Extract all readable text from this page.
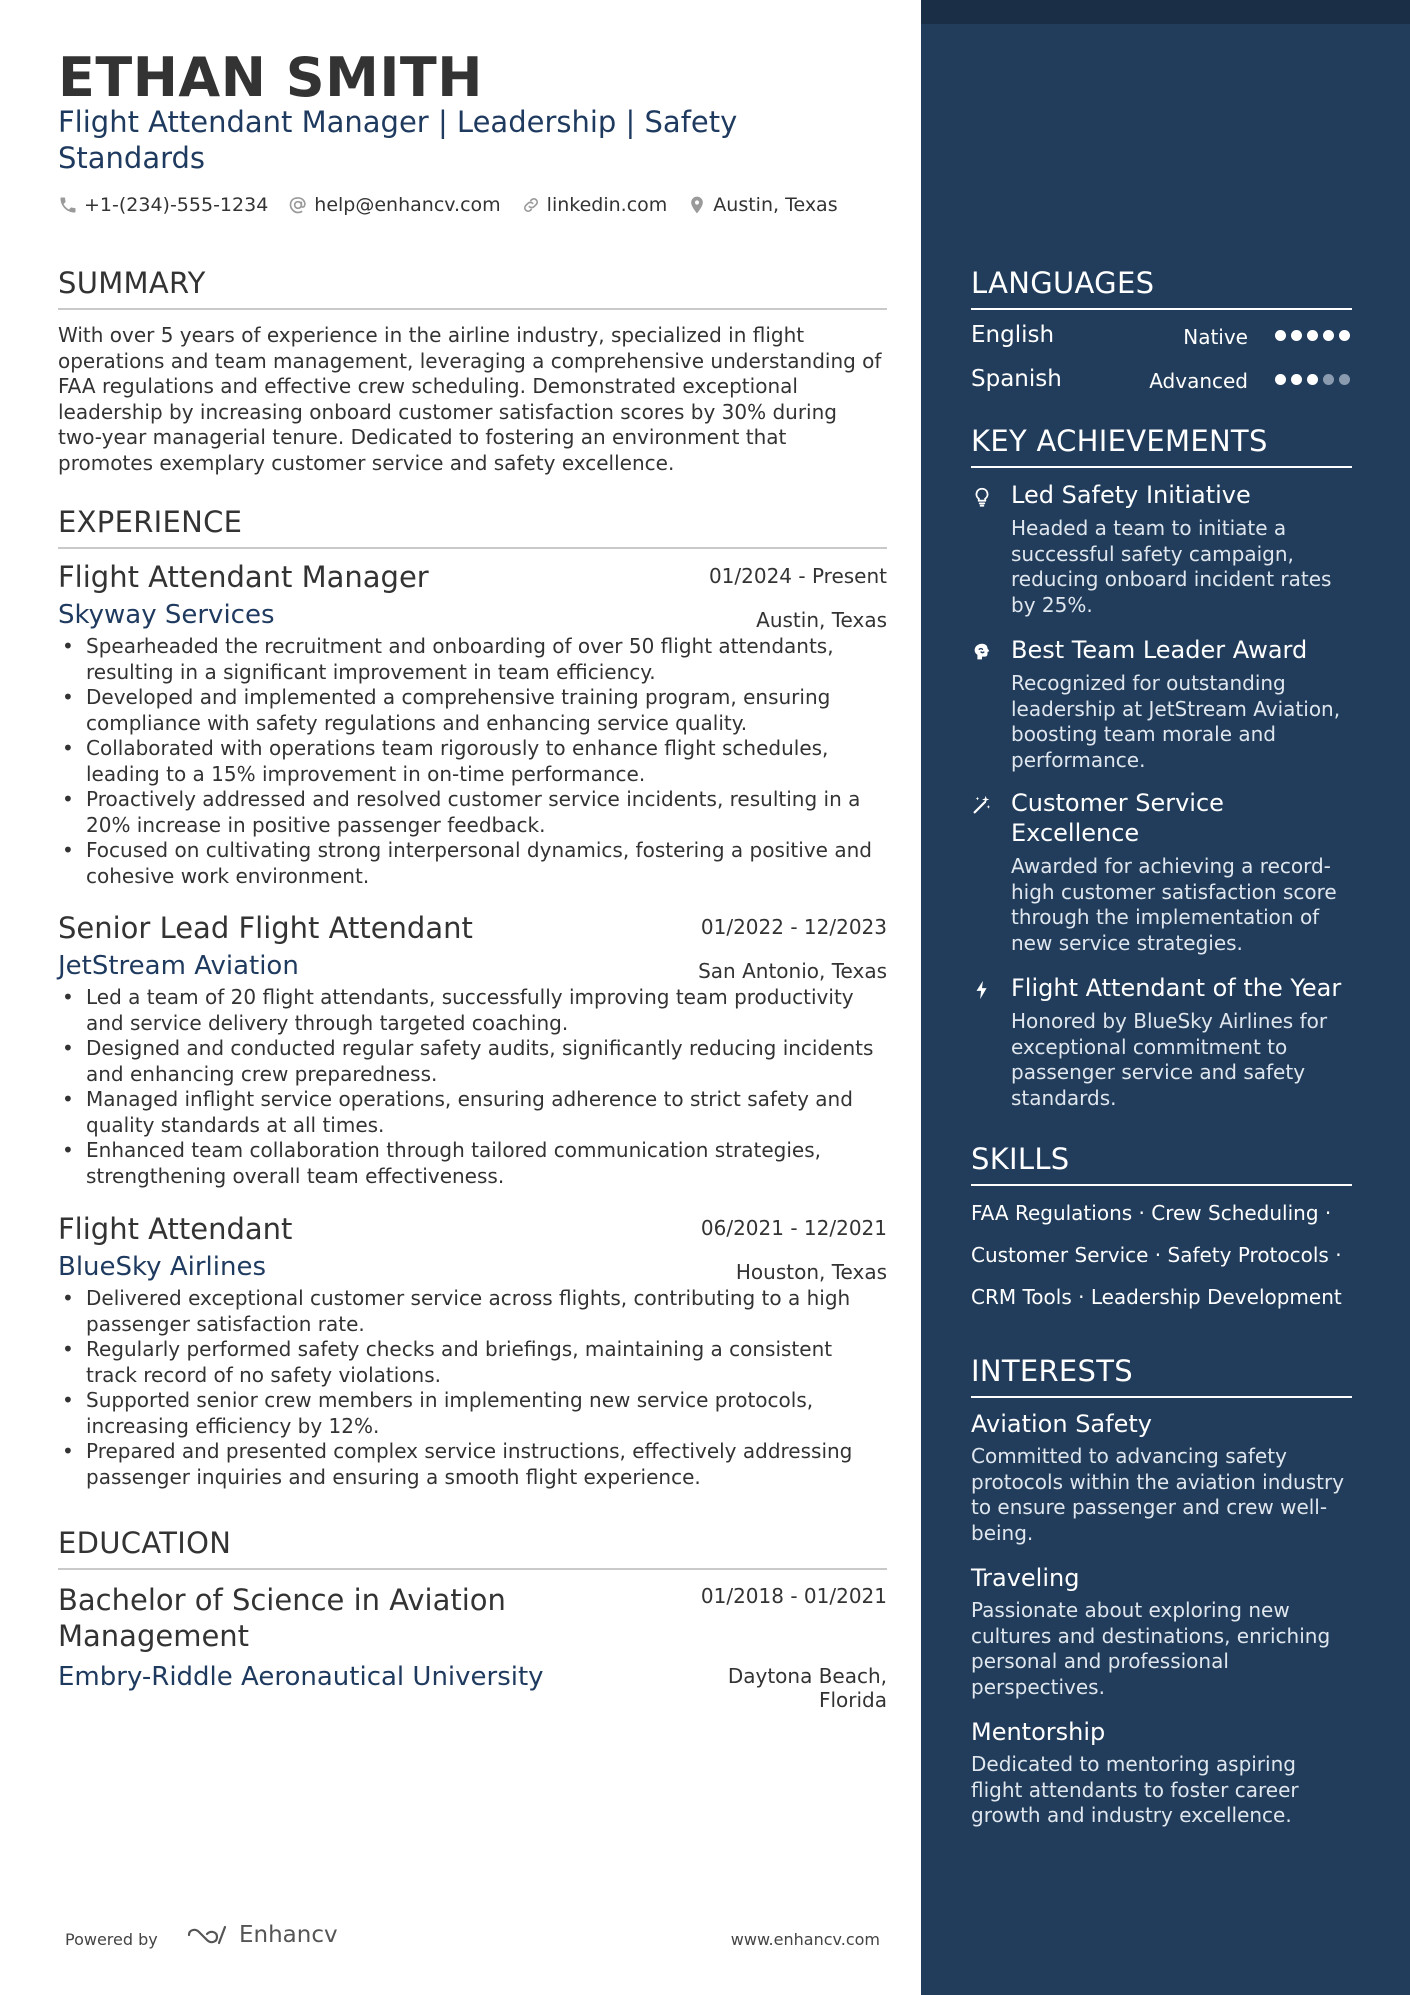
ETHAN SMITH
Flight Attendant Manager | Leadership | Safety Standards
+1-(234)-555-1234 help@enhancv.com linkedin.com Austin, Texas
SUMMARY
With over 5 years of experience in the airline industry, specialized in flight operations and team management, leveraging a comprehensive understanding of FAA regulations and effective crew scheduling. Demonstrated exceptional leadership by increasing onboard customer satisfaction scores by 30% during two-year managerial tenure. Dedicated to fostering an environment that promotes exemplary customer service and safety excellence.
EXPERIENCE
Flight Attendant Manager	01/2024 - Present
Skyway Services	Austin, Texas
• Spearheaded the recruitment and onboarding of over 50 flight attendants, resulting in a significant improvement in team efficiency.
• Developed and implemented a comprehensive training program, ensuring compliance with safety regulations and enhancing service quality.
• Collaborated with operations team rigorously to enhance flight schedules, leading to a 15% improvement in on-time performance.
• Proactively addressed and resolved customer service incidents, resulting in a 20% increase in positive passenger feedback.
• Focused on cultivating strong interpersonal dynamics, fostering a positive and cohesive work environment.
Senior Lead Flight Attendant	01/2022 - 12/2023
JetStream Aviation	San Antonio, Texas
• Led a team of 20 flight attendants, successfully improving team productivity and service delivery through targeted coaching.
• Designed and conducted regular safety audits, significantly reducing incidents and enhancing crew preparedness.
• Managed inflight service operations, ensuring adherence to strict safety and quality standards at all times.
• Enhanced team collaboration through tailored communication strategies, strengthening overall team effectiveness.
Flight Attendant	06/2021 - 12/2021
BlueSky Airlines	Houston, Texas
• Delivered exceptional customer service across flights, contributing to a high passenger satisfaction rate.
• Regularly performed safety checks and briefings, maintaining a consistent track record of no safety violations.
• Supported senior crew members in implementing new service protocols, increasing efficiency by 12%.
• Prepared and presented complex service instructions, effectively addressing passenger inquiries and ensuring a smooth flight experience.
EDUCATION
Bachelor of Science in Aviation Management
01/2018 - 01/2021
Embry-Riddle Aeronautical University	Daytona Beach, Florida
Powered by	Enhancv	www.enhancv.com
LANGUAGES
English	Native
Spanish	Advanced
KEY ACHIEVEMENTS
Led Safety Initiative
Headed a team to initiate a successful safety campaign, reducing onboard incident rates by 25%.
Best Team Leader Award
Recognized for outstanding leadership at JetStream Aviation, boosting team morale and performance.
Customer Service Excellence
Awarded for achieving a record-high customer satisfaction score through the implementation of new service strategies.
Flight Attendant of the Year
Honored by BlueSky Airlines for exceptional commitment to passenger service and safety standards.
SKILLS
FAA Regulations · Crew Scheduling ·
Customer Service · Safety Protocols ·
CRM Tools · Leadership Development
INTERESTS
Aviation Safety
Committed to advancing safety protocols within the aviation industry to ensure passenger and crew well-being.
Traveling
Passionate about exploring new cultures and destinations, enriching personal and professional perspectives.
Mentorship
Dedicated to mentoring aspiring flight attendants to foster career growth and industry excellence.
